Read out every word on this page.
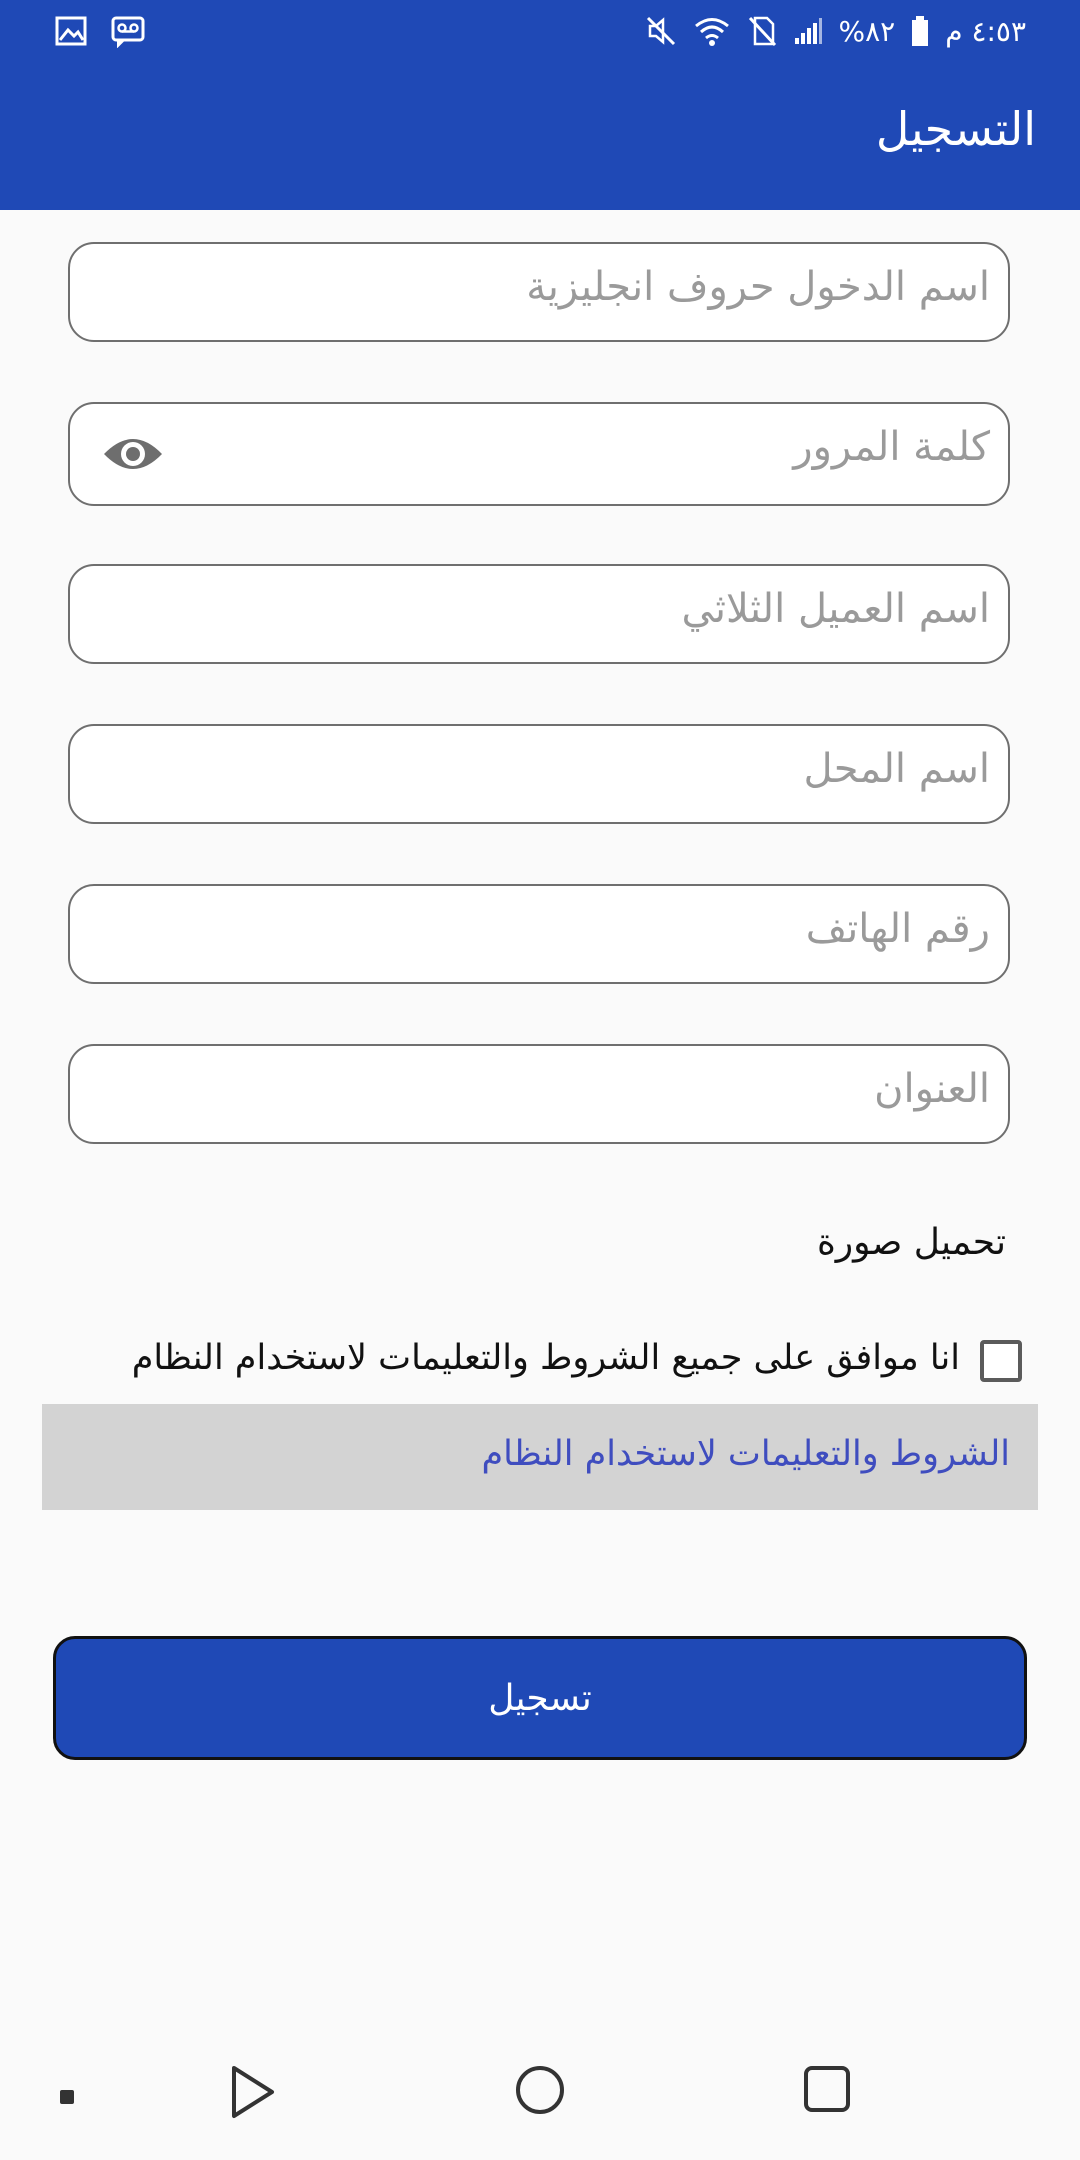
%٨٢ ٤:٥٣ م
التسجيل
اسم الدخول حروف انجليزية
كلمة المرور
اسم العميل الثلاثي
اسم المحل
رقم الهاتف
العنوان
تحميل صورة
انا موافق على جميع الشروط والتعليمات لاستخدام النظام
الشروط والتعليمات لاستخدام النظام
تسجيل
